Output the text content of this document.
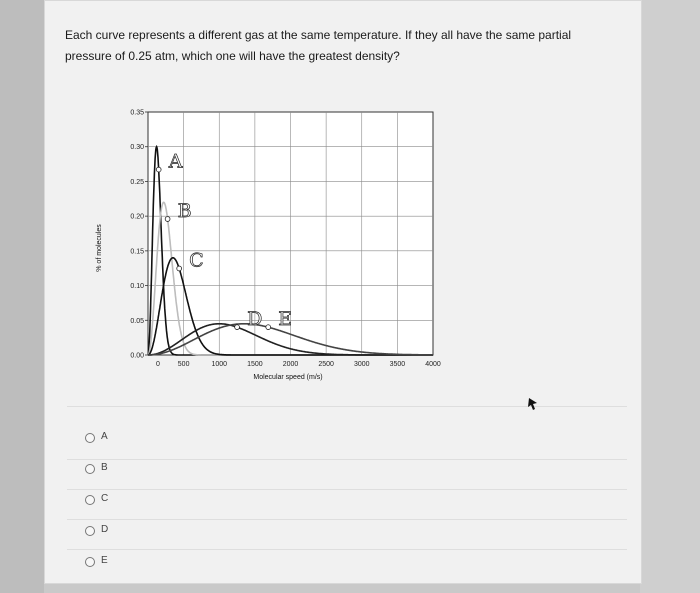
Each curve represents a different gas at the same temperature. If they all have the same partial
pressure of 0.25 atm, which one will have the greatest density?
A
B
C
D
E
0.00
0.05
0.10
0.15
0.20
0.25
0.30
0.35
0	500	1000	1500	2000	2500	3000	3500	4000
% of molecules
Molecular speed (m/s)
A
B
C
D E
